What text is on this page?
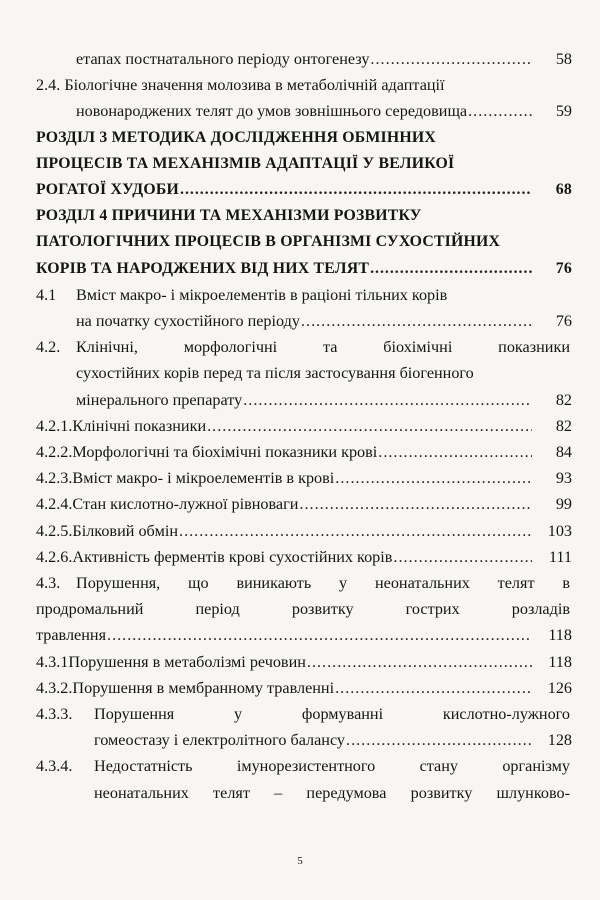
етапах постнатального періоду онтогенезу .....	58
2.4. Біологічне значення молозива в метаболічній адаптації
новонароджених телят до умов зовнішнього середовища .....	59
РОЗДІЛ 3 МЕТОДИКА ДОСЛІДЖЕННЯ ОБМІННИХ
ПРОЦЕСІВ ТА МЕХАНІЗМІВ АДАПТАЦІЇ У ВЕЛИКОЇ
РОГАТОЇ ХУДОБИ .....	68
РОЗДІЛ 4 ПРИЧИНИ ТА МЕХАНІЗМИ РОЗВИТКУ
ПАТОЛОГІЧНИХ ПРОЦЕСІВ В ОРГАНІЗМІ СУХОСТІЙНИХ
КОРІВ ТА НАРОДЖЕНИХ ВІД НИХ ТЕЛЯТ .....	76
4.1 Вміст макро- і мікроелементів в раціоні тільних корів
на початку сухостійного періоду .....	76
4.2. Клінічні, морфологічні та біохімічні показники
сухостійних корів перед та після застосування біогенного
мінерального препарату .....	82
4.2.1. Клінічні показники .....	82
4.2.2. Морфологічні та біохімічні показники крові .....	84
4.2.3. Вміст макро- і мікроелементів в крові .....	93
4.2.4. Стан кислотно-лужної рівноваги .....	99
4.2.5. Білковий обмін .....	103
4.2.6. Активність ферментів крові сухостійних корів .....	111
4.3. Порушення, що виникають у неонатальних телят в
продромальний період розвитку гострих розладів
травлення .....	118
4.3.1 Порушення в метаболізмі речовин .....	118
4.3.2. Порушення в мембранному травленні .....	126
4.3.3.	Порушення у формуванні кислотно-лужного
гомеостазу і електролітного балансу .....	128
4.3.4.	Недостатність імунорезистентного стану організму
неонатальних телят – передумова розвитку шлунково-
5
